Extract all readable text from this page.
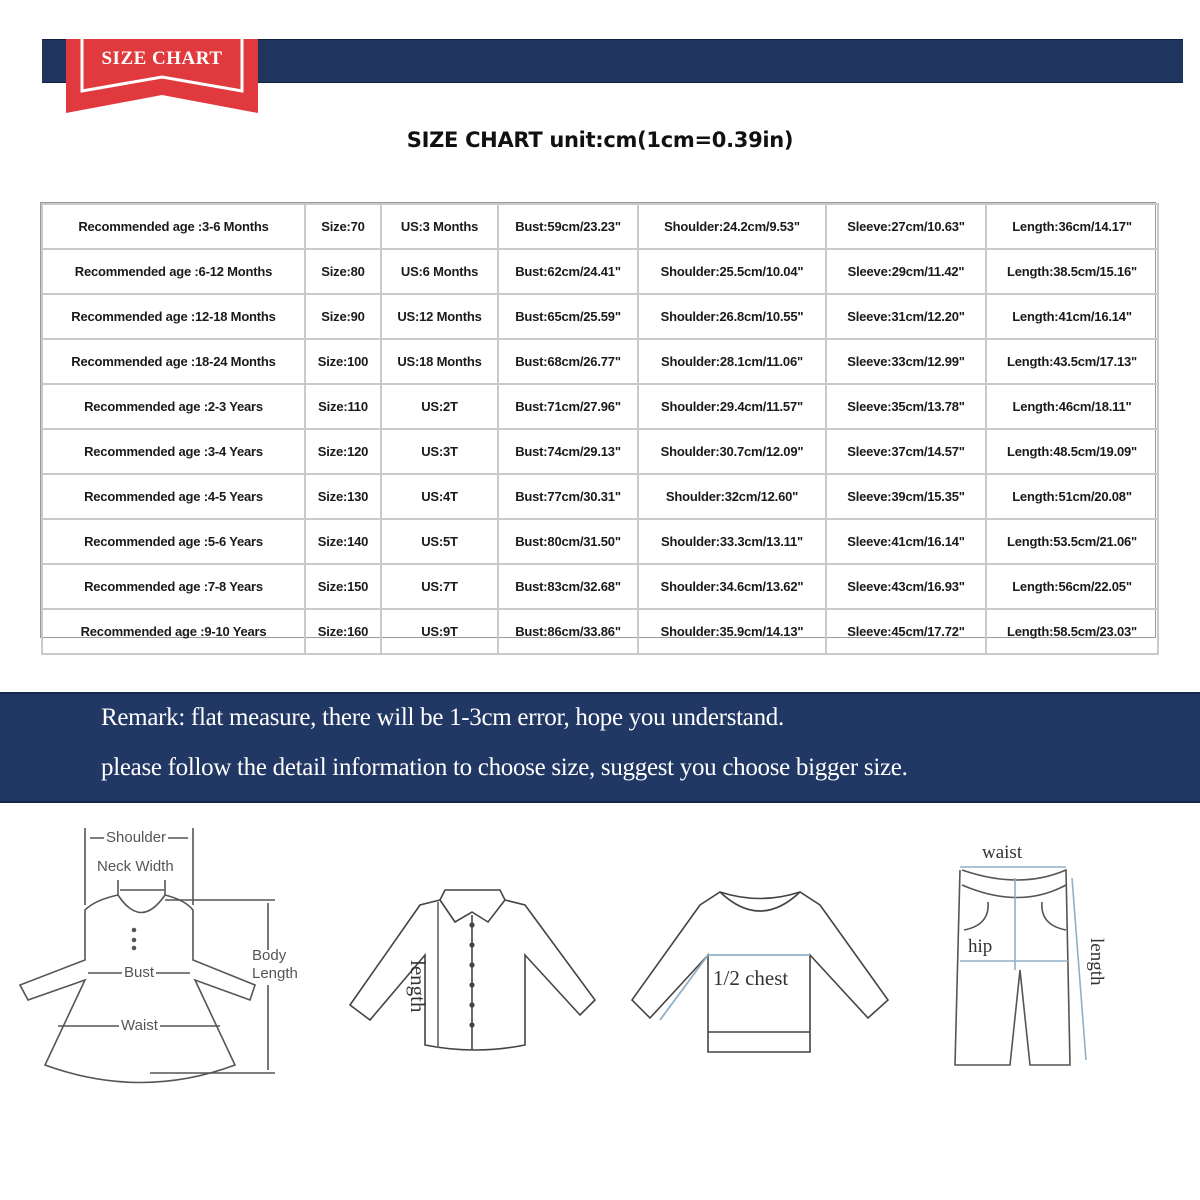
SIZE CHART
SIZE CHART unit:cm(1cm=0.39in)
Recommended age :3-6 Months	Size:70	US:3 Months	Bust:59cm/23.23"	Shoulder:24.2cm/9.53"	Sleeve:27cm/10.63"	Length:36cm/14.17"
Recommended age :6-12 Months	Size:80	US:6 Months	Bust:62cm/24.41"	Shoulder:25.5cm/10.04"	Sleeve:29cm/11.42"	Length:38.5cm/15.16"
Recommended age :12-18 Months	Size:90	US:12 Months	Bust:65cm/25.59"	Shoulder:26.8cm/10.55"	Sleeve:31cm/12.20"	Length:41cm/16.14"
Recommended age :18-24 Months	Size:100	US:18 Months	Bust:68cm/26.77"	Shoulder:28.1cm/11.06"	Sleeve:33cm/12.99"	Length:43.5cm/17.13"
Recommended age :2-3 Years	Size:110	US:2T	Bust:71cm/27.96"	Shoulder:29.4cm/11.57"	Sleeve:35cm/13.78"	Length:46cm/18.11"
Recommended age :3-4 Years	Size:120	US:3T	Bust:74cm/29.13"	Shoulder:30.7cm/12.09"	Sleeve:37cm/14.57"	Length:48.5cm/19.09"
Recommended age :4-5 Years	Size:130	US:4T	Bust:77cm/30.31"	Shoulder:32cm/12.60"	Sleeve:39cm/15.35"	Length:51cm/20.08"
Recommended age :5-6 Years	Size:140	US:5T	Bust:80cm/31.50"	Shoulder:33.3cm/13.11"	Sleeve:41cm/16.14"	Length:53.5cm/21.06"
Recommended age :7-8 Years	Size:150	US:7T	Bust:83cm/32.68"	Shoulder:34.6cm/13.62"	Sleeve:43cm/16.93"	Length:56cm/22.05"
Recommended age :9-10 Years	Size:160	US:9T	Bust:86cm/33.86"	Shoulder:35.9cm/14.13"	Sleeve:45cm/17.72"	Length:58.5cm/23.03"
Remark: flat measure, there will be 1-3cm error, hope you understand.
please follow the detail information to choose size, suggest you choose bigger size.
Shoulder
Neck Width
Bust
Waist
Body
Length	length	1/2 chest
waist
hip	length
